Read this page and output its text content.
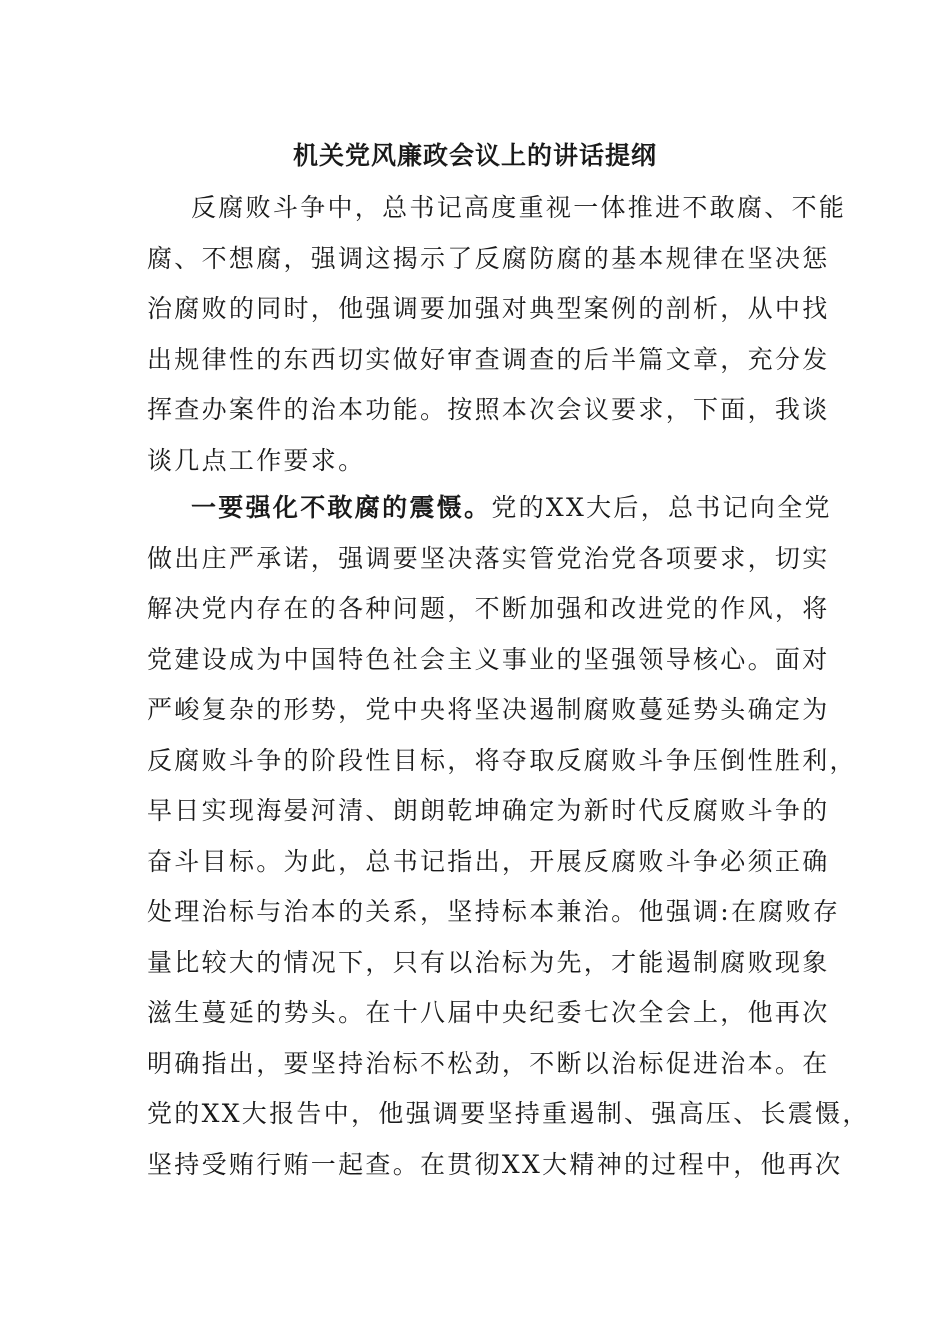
机关党风廉政会议上的讲话提纲
反腐败斗争中，总书记高度重视一体推进不敢腐、不能
腐、不想腐，强调这揭示了反腐防腐的基本规律在坚决惩
治腐败的同时，他强调要加强对典型案例的剖析，从中找
出规律性的东西切实做好审查调查的后半篇文章，充分发
挥查办案件的治本功能。按照本次会议要求，下面，我谈
谈几点工作要求。
一要强化不敢腐的震慑。党的XX大后，总书记向全党
做出庄严承诺，强调要坚决落实管党治党各项要求，切实
解决党内存在的各种问题，不断加强和改进党的作风，将
党建设成为中国特色社会主义事业的坚强领导核心。面对
严峻复杂的形势，党中央将坚决遏制腐败蔓延势头确定为
反腐败斗争的阶段性目标，将夺取反腐败斗争压倒性胜利，
早日实现海晏河清、朗朗乾坤确定为新时代反腐败斗争的
奋斗目标。为此，总书记指出，开展反腐败斗争必须正确
处理治标与治本的关系，坚持标本兼治。他强调:在腐败存
量比较大的情况下，只有以治标为先，才能遏制腐败现象
滋生蔓延的势头。在十八届中央纪委七次全会上，他再次
明确指出，要坚持治标不松劲，不断以治标促进治本。在
党的XX大报告中，他强调要坚持重遏制、强高压、长震慑，
坚持受贿行贿一起查。在贯彻XX大精神的过程中，他再次
